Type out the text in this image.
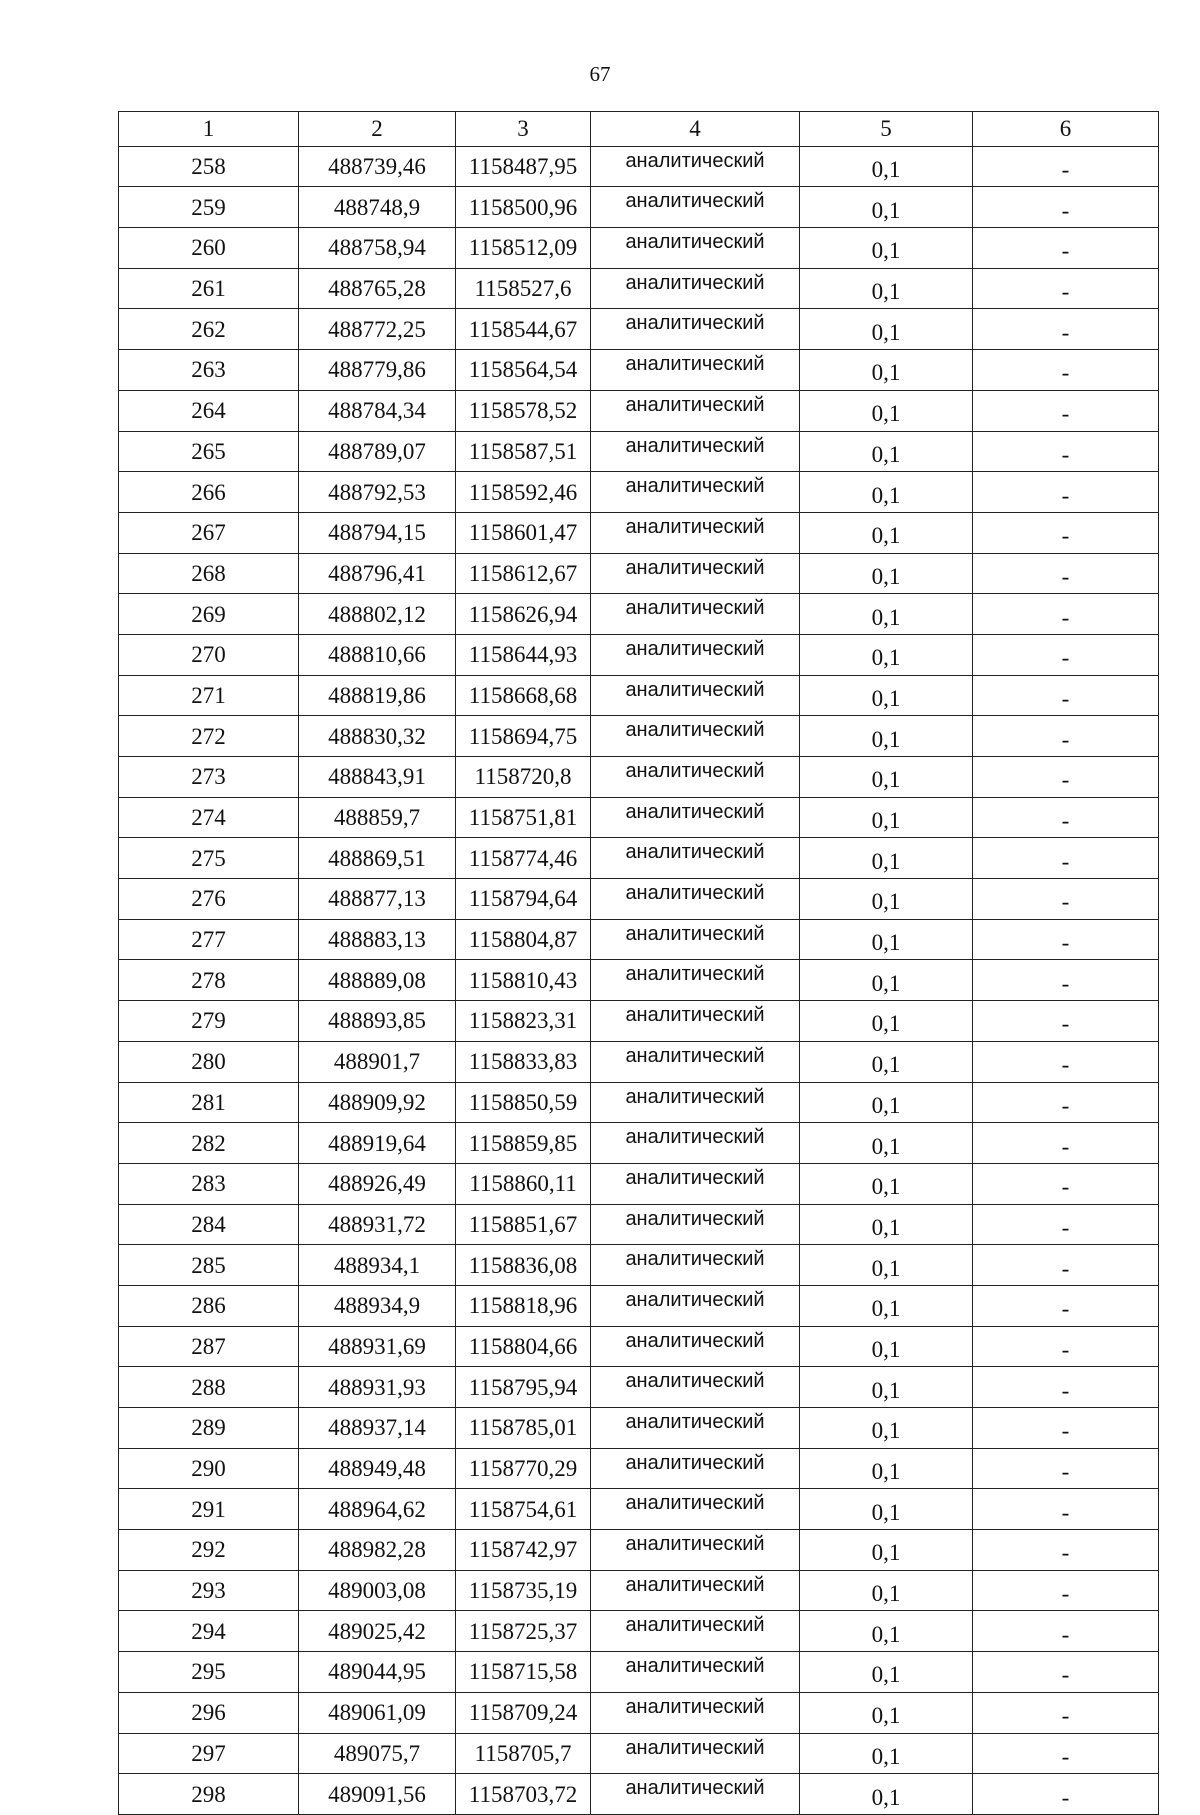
67
1	2	3	4	5	6
258	488739,46	1158487,95	аналитический	0,1	-
259	488748,9	1158500,96	аналитический	0,1	-
260	488758,94	1158512,09	аналитический	0,1	-
261	488765,28	1158527,6	аналитический	0,1	-
262	488772,25	1158544,67	аналитический	0,1	-
263	488779,86	1158564,54	аналитический	0,1	-
264	488784,34	1158578,52	аналитический	0,1	-
265	488789,07	1158587,51	аналитический	0,1	-
266	488792,53	1158592,46	аналитический	0,1	-
267	488794,15	1158601,47	аналитический	0,1	-
268	488796,41	1158612,67	аналитический	0,1	-
269	488802,12	1158626,94	аналитический	0,1	-
270	488810,66	1158644,93	аналитический	0,1	-
271	488819,86	1158668,68	аналитический	0,1	-
272	488830,32	1158694,75	аналитический	0,1	-
273	488843,91	1158720,8	аналитический	0,1	-
274	488859,7	1158751,81	аналитический	0,1	-
275	488869,51	1158774,46	аналитический	0,1	-
276	488877,13	1158794,64	аналитический	0,1	-
277	488883,13	1158804,87	аналитический	0,1	-
278	488889,08	1158810,43	аналитический	0,1	-
279	488893,85	1158823,31	аналитический	0,1	-
280	488901,7	1158833,83	аналитический	0,1	-
281	488909,92	1158850,59	аналитический	0,1	-
282	488919,64	1158859,85	аналитический	0,1	-
283	488926,49	1158860,11	аналитический	0,1	-
284	488931,72	1158851,67	аналитический	0,1	-
285	488934,1	1158836,08	аналитический	0,1	-
286	488934,9	1158818,96	аналитический	0,1	-
287	488931,69	1158804,66	аналитический	0,1	-
288	488931,93	1158795,94	аналитический	0,1	-
289	488937,14	1158785,01	аналитический	0,1	-
290	488949,48	1158770,29	аналитический	0,1	-
291	488964,62	1158754,61	аналитический	0,1	-
292	488982,28	1158742,97	аналитический	0,1	-
293	489003,08	1158735,19	аналитический	0,1	-
294	489025,42	1158725,37	аналитический	0,1	-
295	489044,95	1158715,58	аналитический	0,1	-
296	489061,09	1158709,24	аналитический	0,1	-
297	489075,7	1158705,7	аналитический	0,1	-
298	489091,56	1158703,72	аналитический	0,1	-
